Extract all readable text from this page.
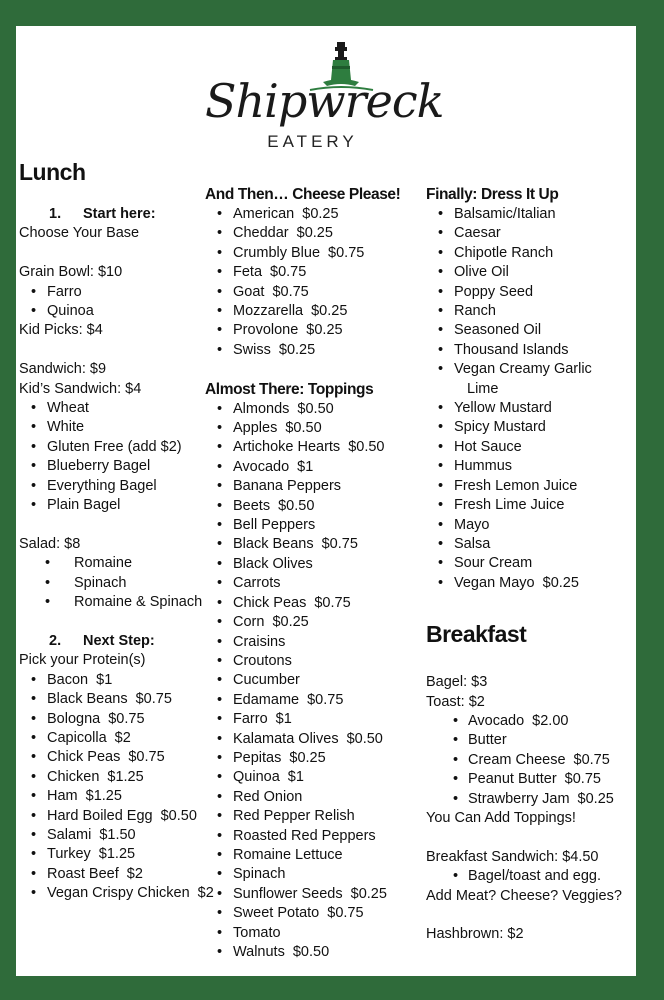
Shipwreck
EATERY
Lunch
1. Start here:
Choose Your Base
Grain Bowl: $10
• Farro
• Quinoa
Kid Picks: $4
Sandwich: $9
Kid’s Sandwich: $4
• Wheat
• White
• Gluten Free (add $2)
• Blueberry Bagel
• Everything Bagel
• Plain Bagel
Salad: $8
• Romaine
• Spinach
• Romaine & Spinach
2. Next Step:
Pick your Protein(s)
• Bacon $1
• Black Beans $0.75
• Bologna $0.75
• Capicolla $2
• Chick Peas $0.75
• Chicken $1.25
• Ham $1.25
• Hard Boiled Egg $0.50
• Salami $1.50
• Turkey $1.25
• Roast Beef $2
• Vegan Crispy Chicken $2
And Then… Cheese Please!
• American $0.25
• Cheddar $0.25
• Crumbly Blue $0.75
• Feta $0.75
• Goat $0.75
• Mozzarella $0.25
• Provolone $0.25
• Swiss $0.25
Almost There: Toppings
• Almonds $0.50
• Apples $0.50
• Artichoke Hearts $0.50
• Avocado $1
• Banana Peppers
• Beets $0.50
• Bell Peppers
• Black Beans $0.75
• Black Olives
• Carrots
• Chick Peas $0.75
• Corn $0.25
• Craisins
• Croutons
• Cucumber
• Edamame $0.75
• Farro $1
• Kalamata Olives $0.50
• Pepitas $0.25
• Quinoa $1
• Red Onion
• Red Pepper Relish
• Roasted Red Peppers
• Romaine Lettuce
• Spinach
• Sunflower Seeds $0.25
• Sweet Potato $0.75
• Tomato
• Walnuts $0.50
Finally: Dress It Up
• Balsamic/Italian
• Caesar
• Chipotle Ranch
• Olive Oil
• Poppy Seed
• Ranch
• Seasoned Oil
• Thousand Islands
• Vegan Creamy Garlic
Lime
• Yellow Mustard
• Spicy Mustard
• Hot Sauce
• Hummus
• Fresh Lemon Juice
• Fresh Lime Juice
• Mayo
• Salsa
• Sour Cream
• Vegan Mayo $0.25
Breakfast
Bagel: $3
Toast: $2
• Avocado $2.00
• Butter
• Cream Cheese $0.75
• Peanut Butter $0.75
• Strawberry Jam $0.25
You Can Add Toppings!
Breakfast Sandwich: $4.50
• Bagel/toast and egg.
Add Meat? Cheese? Veggies?
Hashbrown: $2
